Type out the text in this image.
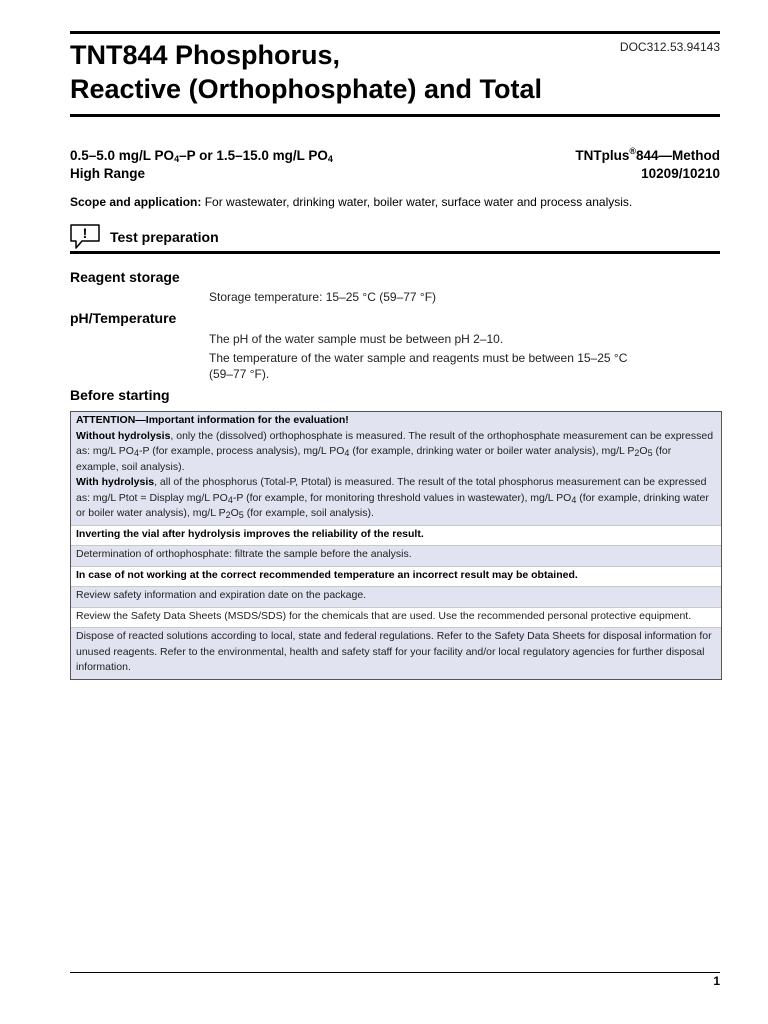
DOC312.53.94143
TNT844 Phosphorus,
Reactive (Orthophosphate) and Total
0.5–5.0 mg/L $PO_4-P$ or 1.5–15.0 mg/L $PO_4$
High Range
TNTplus®844—Method
10209/10210
Scope and application: For wastewater, drinking water, boiler water, surface water and process analysis.
! Test preparation
Reagent storage
Storage temperature: 15–25 °C (59–77 °F)
pH/Temperature
The pH of the water sample must be between pH 2–10.
The temperature of the water sample and reagents must be between 15–25 °C
(59–77 °F).
Before starting
ATTENTION—Important information for the evaluation!
Without hydrolysis, only the (dissolved) orthophosphate is measured. The result of the orthophosphate measurement can be expressed as: mg/L $PO_4-P$ (for example, process analysis), mg/L $PO_4$ (for example, drinking water or boiler water analysis), mg/L $P_2O_5$ (for example, soil analysis).
With hydrolysis, all of the phosphorus (Total-P, Ptotal) is measured. The result of the total phosphorus measurement can be expressed as: mg/L Ptot = Display mg/L $PO_4-P$ (for example, for monitoring threshold values in wastewater), mg/L $PO_4$ (for example, drinking water or boiler water analysis), mg/L $P_2O_5$ (for example, soil analysis).
Inverting the vial after hydrolysis improves the reliability of the result.
Determination of orthophosphate: filtrate the sample before the analysis.
In case of not working at the correct recommended temperature an incorrect result may be obtained.
Review safety information and expiration date on the package.
Review the Safety Data Sheets (MSDS/SDS) for the chemicals that are used. Use the recommended personal protective equipment.
Dispose of reacted solutions according to local, state and federal regulations. Refer to the Safety Data Sheets for disposal information for unused reagents. Refer to the environmental, health and safety staff for your facility and/or local regulatory agencies for further disposal information.
1
